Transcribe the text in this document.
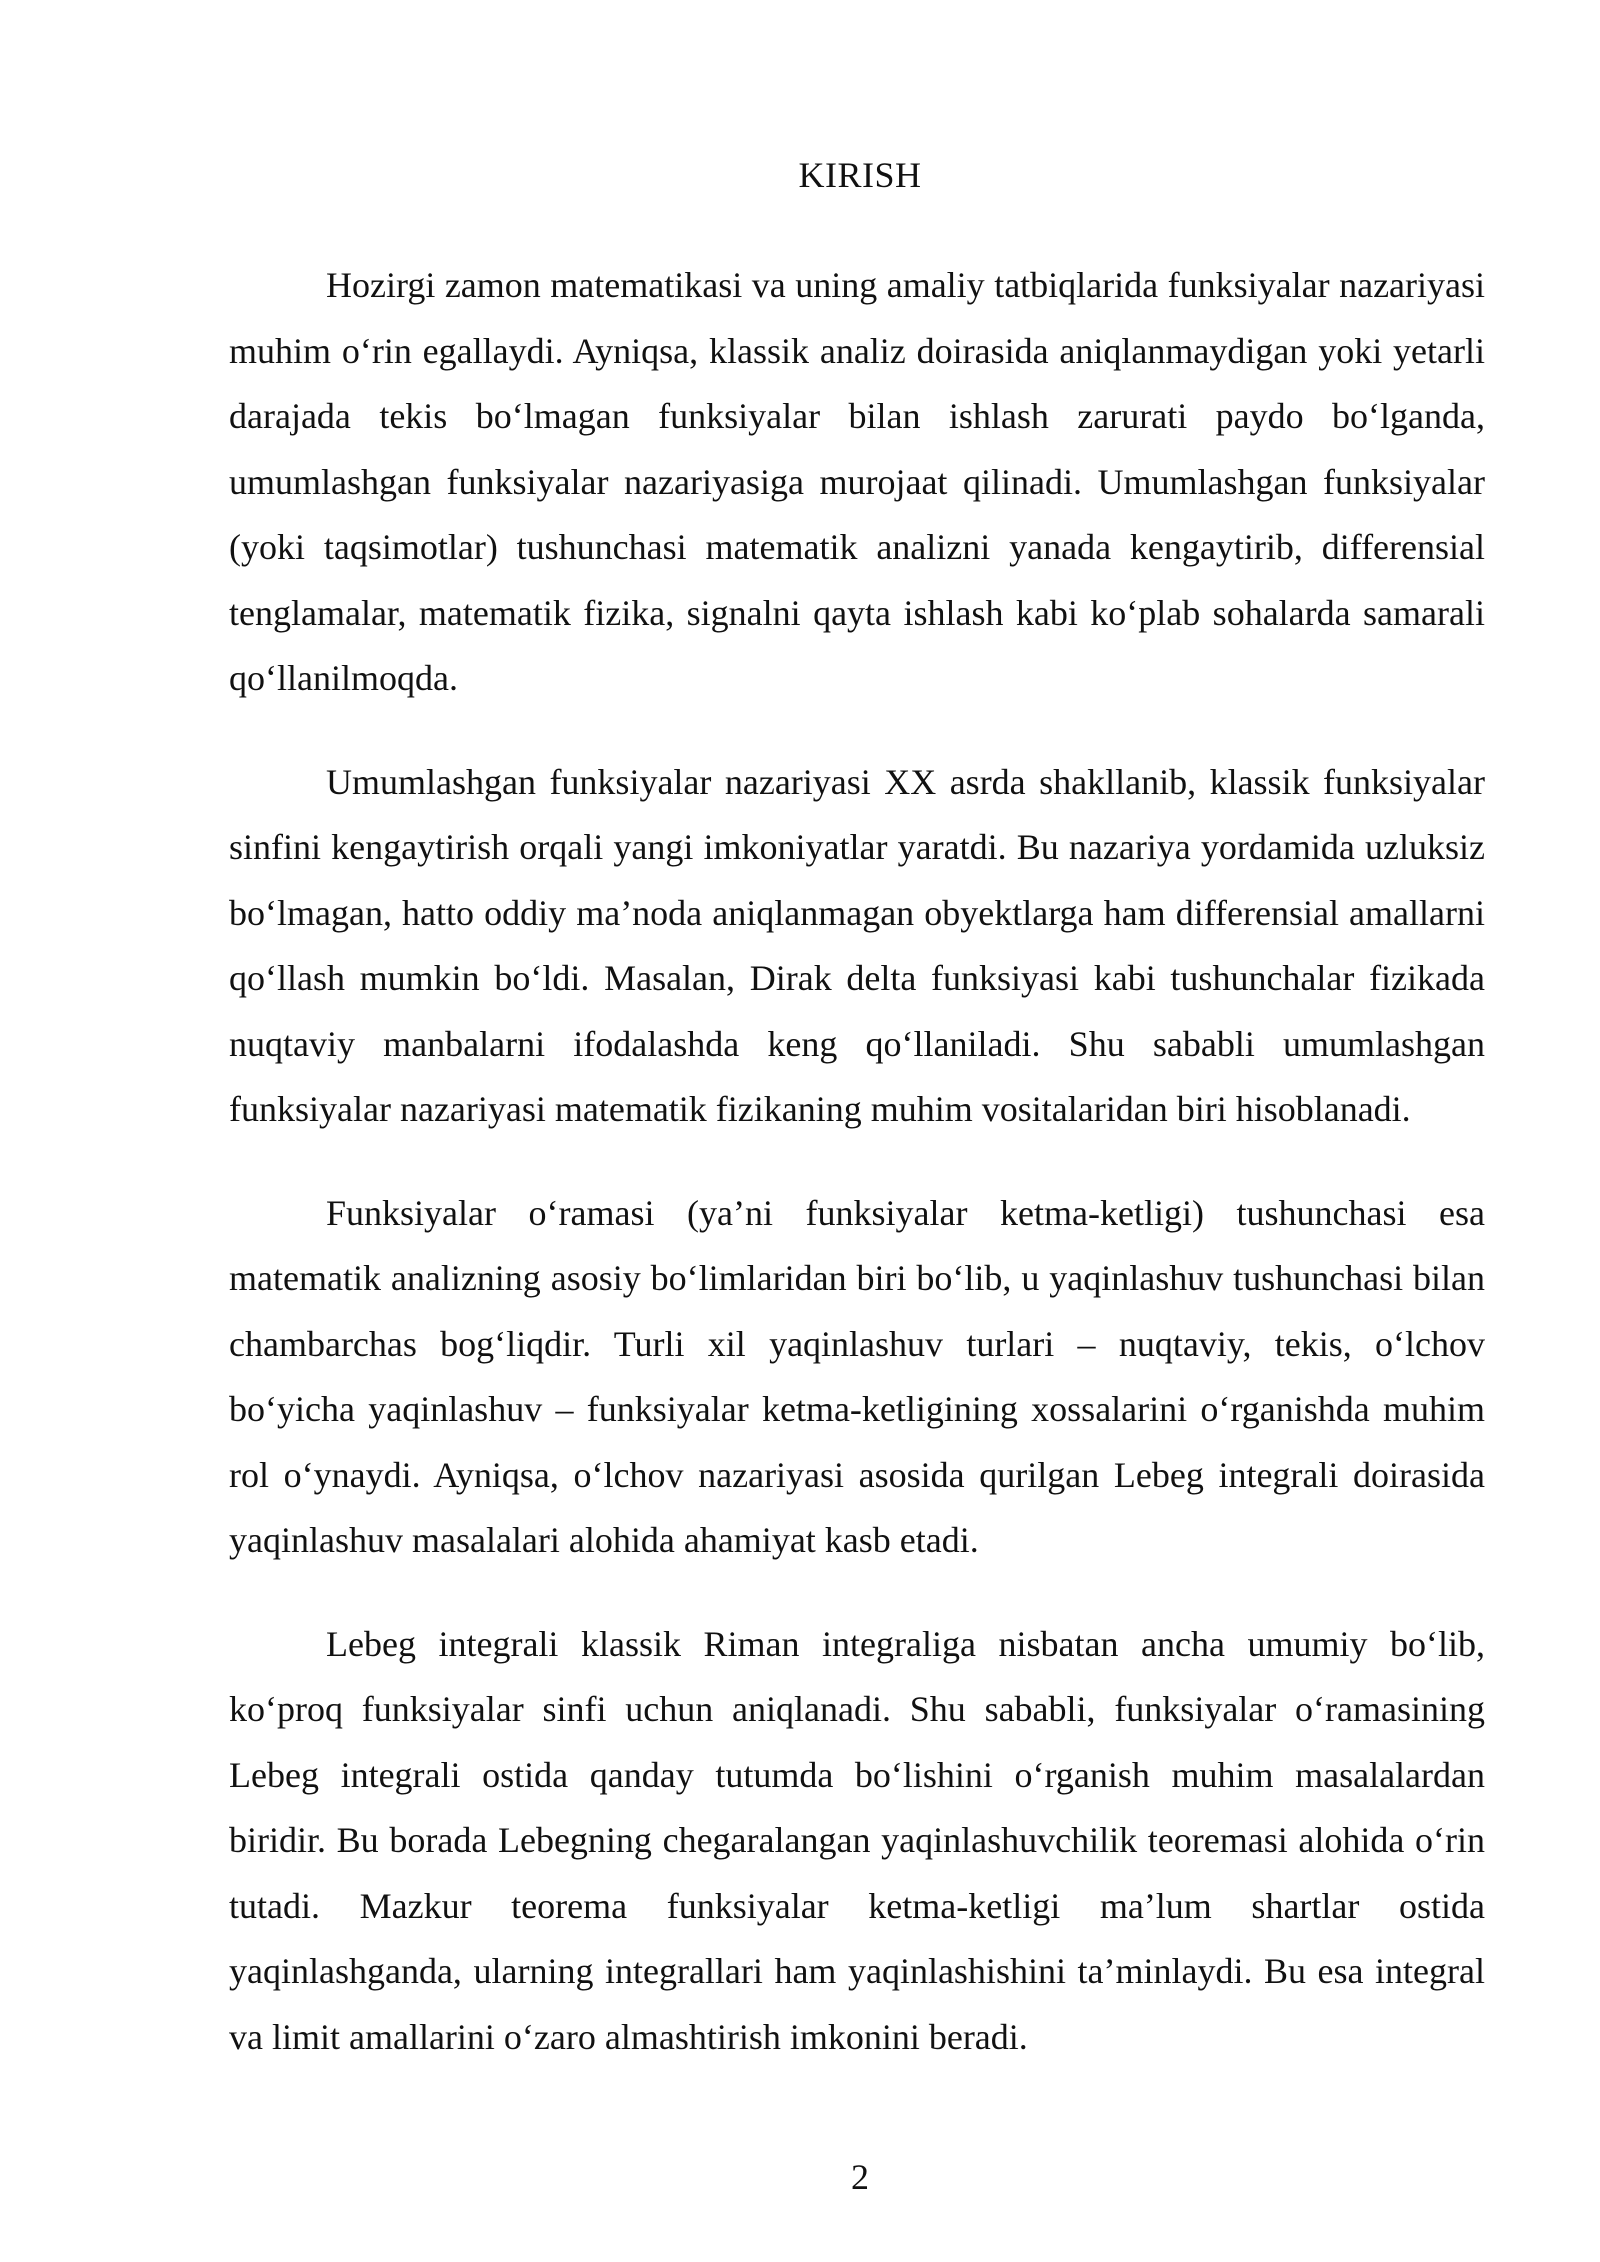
KIRISH

Hozirgi zamon matematikasi va uning amaliy tatbiqlarida funksiyalar nazariyasi muhim o‘rin egallaydi. Ayniqsa, klassik analiz doirasida aniqlanmaydigan yoki yetarli darajada tekis bo‘lmagan funksiyalar bilan ishlash zarurati paydo bo‘lganda, umumlashgan funksiyalar nazariyasiga murojaat qilinadi. Umumlashgan funksiyalar (yoki taqsimotlar) tushunchasi matematik analizni yanada kengaytirib, differensial tenglamalar, matematik fizika, signalni qayta ishlash kabi ko‘plab sohalarda samarali qo‘llanilmoqda.

Umumlashgan funksiyalar nazariyasi XX asrda shakllanib, klassik funksiyalar sinfini kengaytirish orqali yangi imkoniyatlar yaratdi. Bu nazariya yordamida uzluksiz bo‘lmagan, hatto oddiy ma’noda aniqlanmagan obyektlarga ham differensial amallarni qo‘llash mumkin bo‘ldi. Masalan, Dirak delta funksiyasi kabi tushunchalar fizikada nuqtaviy manbalarni ifodalashda keng qo‘llaniladi. Shu sababli umumlashgan funksiyalar nazariyasi matematik fizikaning muhim vositalaridan biri hisoblanadi.

Funksiyalar o‘ramasi (ya’ni funksiyalar ketma-ketligi) tushunchasi esa matematik analizning asosiy bo‘limlaridan biri bo‘lib, u yaqinlashuv tushunchasi bilan chambarchas bog‘liqdir. Turli xil yaqinlashuv turlari – nuqtaviy, tekis, o‘lchov bo‘yicha yaqinlashuv – funksiyalar ketma-ketligining xossalarini o‘rganishda muhim rol o‘ynaydi. Ayniqsa, o‘lchov nazariyasi asosida qurilgan Lebeg integrali doirasida yaqinlashuv masalalari alohida ahamiyat kasb etadi.

Lebeg integrali klassik Riman integraliga nisbatan ancha umumiy bo‘lib, ko‘proq funksiyalar sinfi uchun aniqlanadi. Shu sababli, funksiyalar o‘ramasining Lebeg integrali ostida qanday tutumda bo‘lishini o‘rganish muhim masalalardan biridir. Bu borada Lebegning chegaralangan yaqinlashuvchilik teoremasi alohida o‘rin tutadi. Mazkur teorema funksiyalar ketma-ketligi ma’lum shartlar ostida yaqinlashganda, ularning integrallari ham yaqinlashishini ta’minlaydi. Bu esa integral va limit amallarini o‘zaro almashtirish imkonini beradi.

2
